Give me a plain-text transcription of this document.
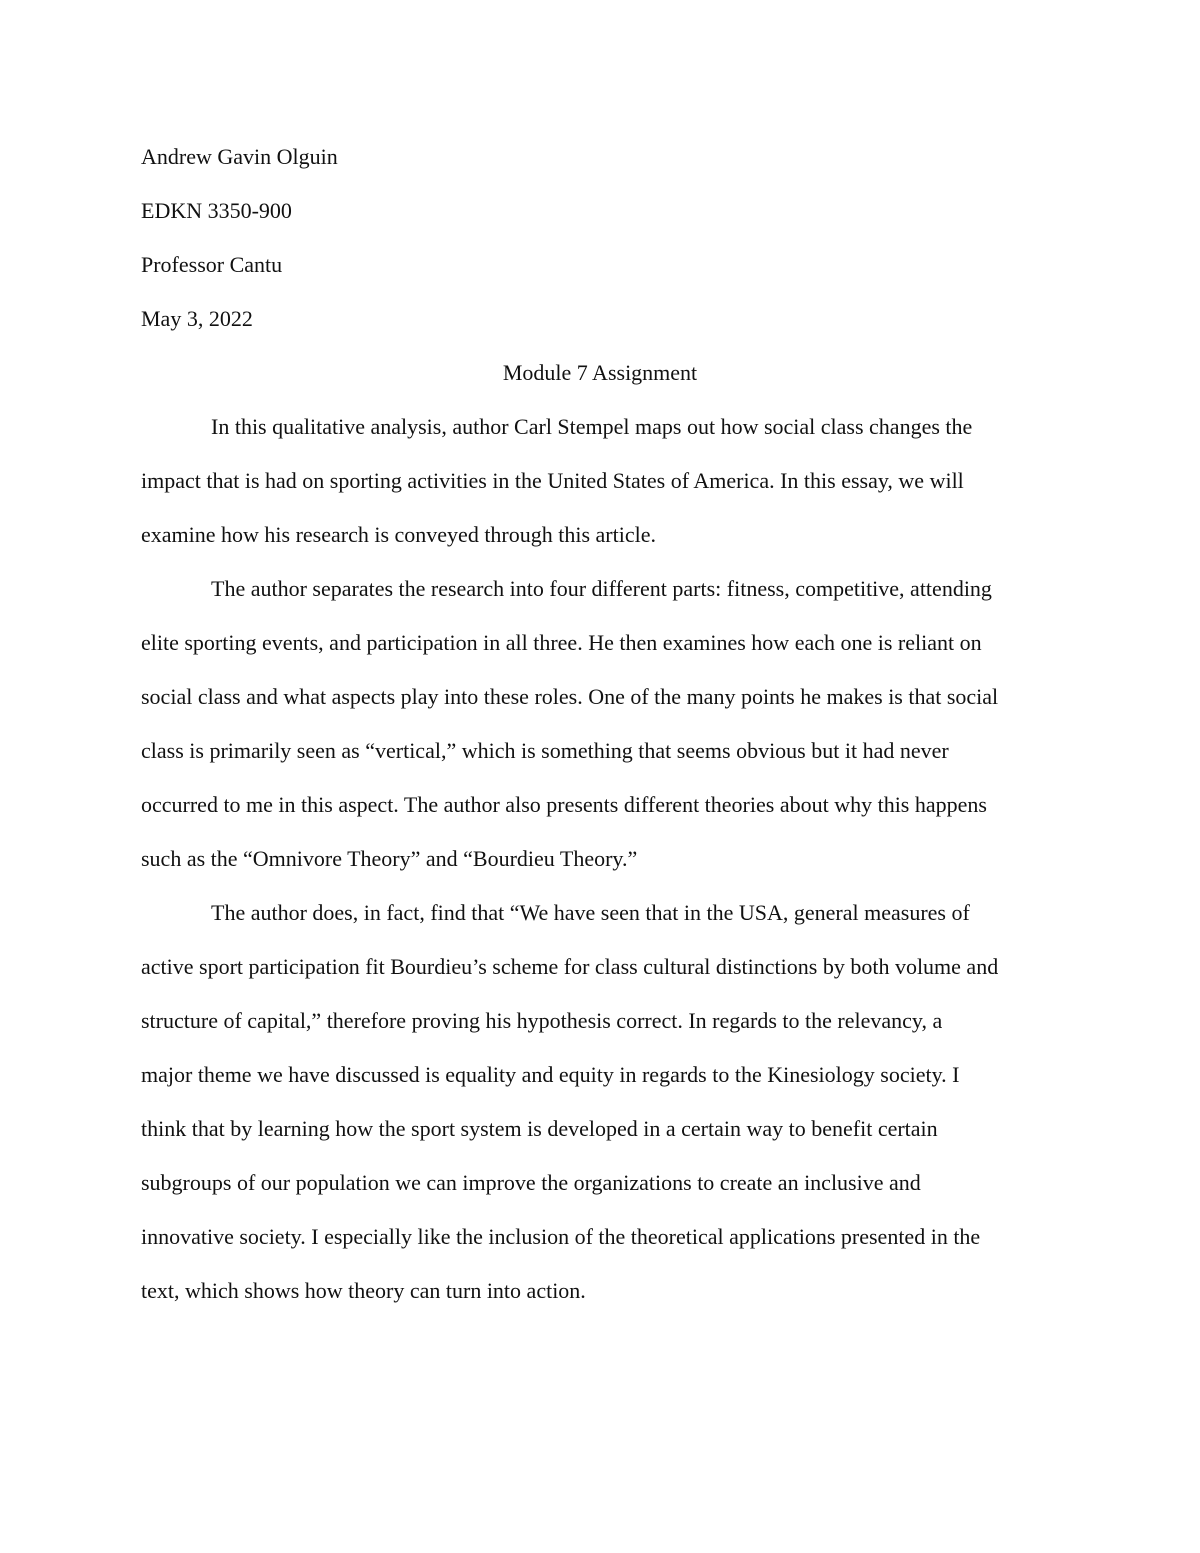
Andrew Gavin Olguin
EDKN 3350-900
Professor Cantu
May 3, 2022
Module 7 Assignment
In this qualitative analysis, author Carl Stempel maps out how social class changes the
impact that is had on sporting activities in the United States of America. In this essay, we will
examine how his research is conveyed through this article.
The author separates the research into four different parts: fitness, competitive, attending
elite sporting events, and participation in all three. He then examines how each one is reliant on
social class and what aspects play into these roles. One of the many points he makes is that social
class is primarily seen as “vertical,” which is something that seems obvious but it had never
occurred to me in this aspect. The author also presents different theories about why this happens
such as the “Omnivore Theory” and “Bourdieu Theory.”
The author does, in fact, find that “We have seen that in the USA, general measures of
active sport participation fit Bourdieu’s scheme for class cultural distinctions by both volume and
structure of capital,” therefore proving his hypothesis correct. In regards to the relevancy, a
major theme we have discussed is equality and equity in regards to the Kinesiology society. I
think that by learning how the sport system is developed in a certain way to benefit certain
subgroups of our population we can improve the organizations to create an inclusive and
innovative society. I especially like the inclusion of the theoretical applications presented in the
text, which shows how theory can turn into action.
